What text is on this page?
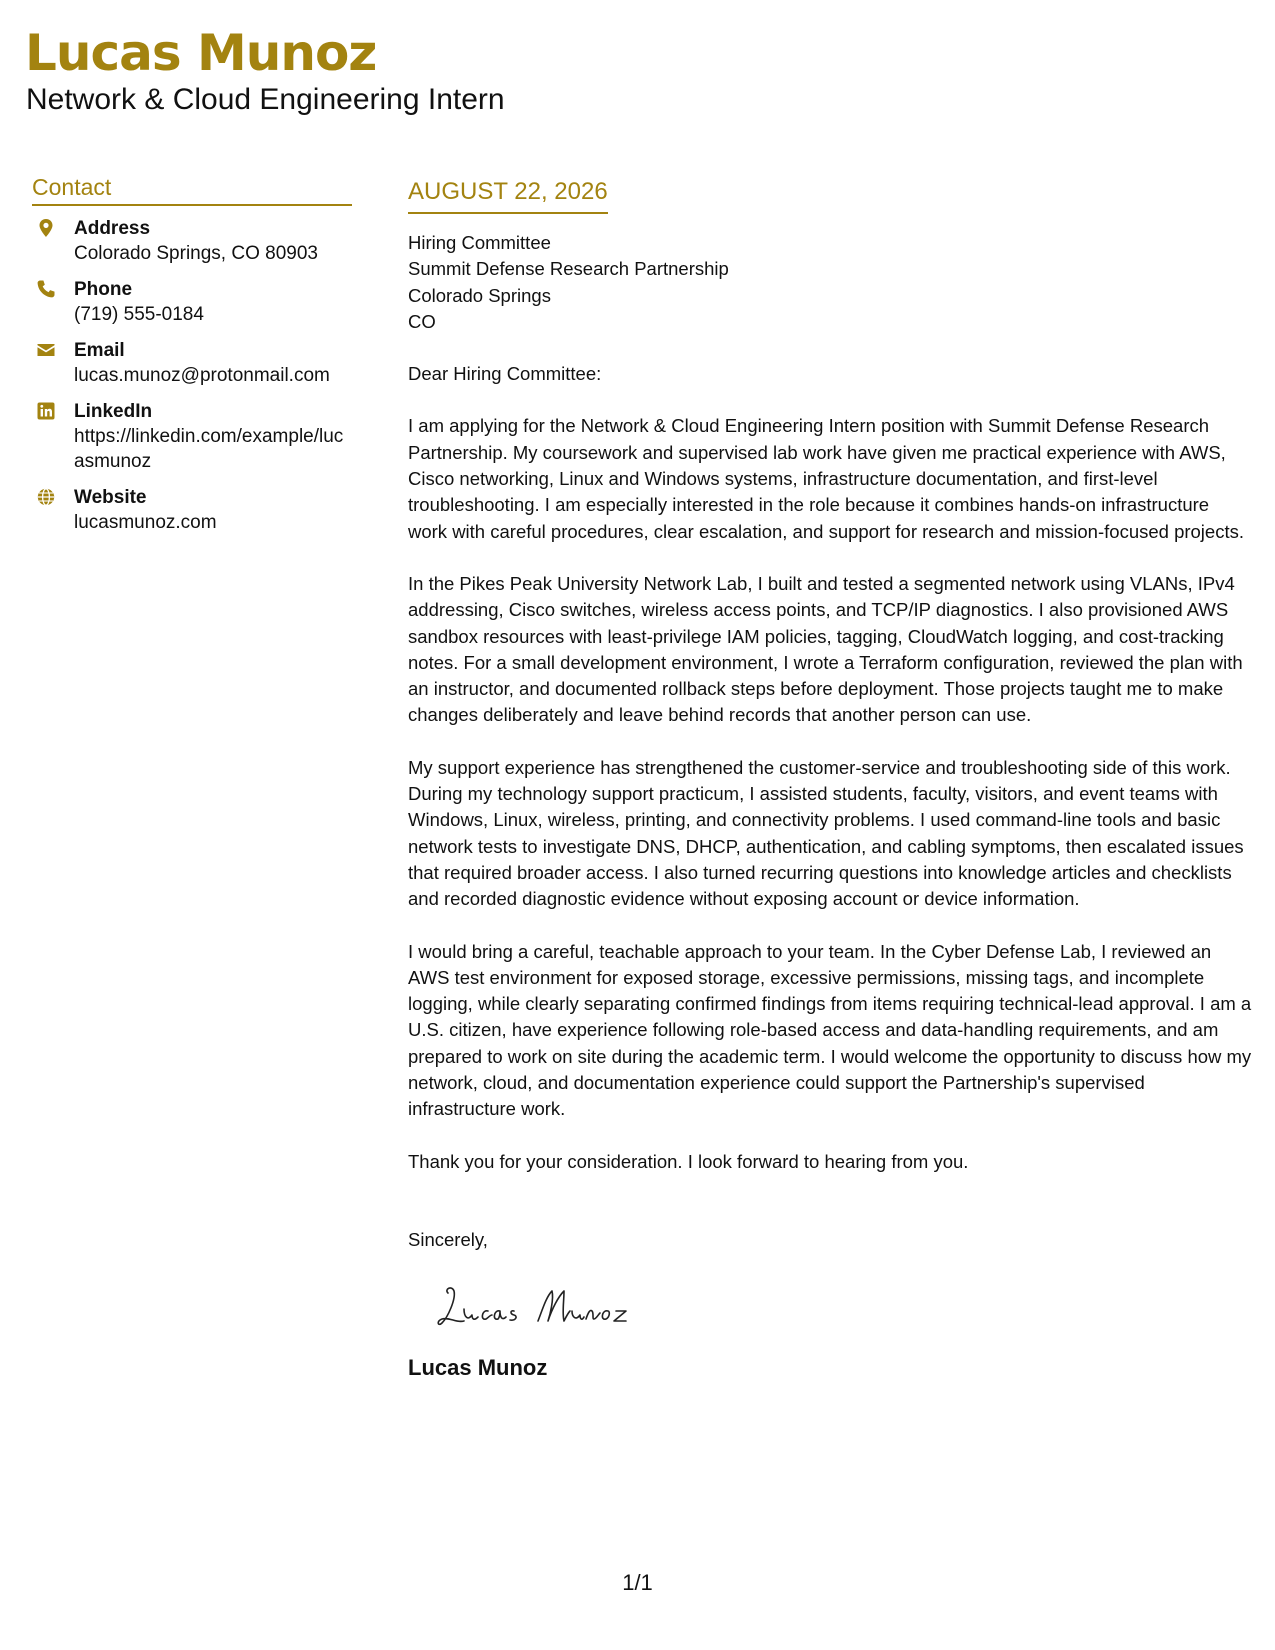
Lucas Munoz
Network & Cloud Engineering Intern
Contact
Address
Colorado Springs, CO 80903
Phone
(719) 555-0184
Email
lucas.munoz@protonmail.com
LinkedIn
https://linkedin.com/example/lucasmunoz
Website
lucasmunoz.com
AUGUST 22, 2026
Hiring Committee
Summit Defense Research Partnership
Colorado Springs
CO
Dear Hiring Committee:

I am applying for the Network & Cloud Engineering Intern position with Summit Defense Research Partnership. My coursework and supervised lab work have given me practical experience with AWS, Cisco networking, Linux and Windows systems, infrastructure documentation, and first-level troubleshooting. I am especially interested in the role because it combines hands-on infrastructure work with careful procedures, clear escalation, and support for research and mission-focused projects.

In the Pikes Peak University Network Lab, I built and tested a segmented network using VLANs, IPv4 addressing, Cisco switches, wireless access points, and TCP/IP diagnostics. I also provisioned AWS sandbox resources with least-privilege IAM policies, tagging, CloudWatch logging, and cost-tracking notes. For a small development environment, I wrote a Terraform configuration, reviewed the plan with an instructor, and documented rollback steps before deployment. Those projects taught me to make changes deliberately and leave behind records that another person can use.

My support experience has strengthened the customer-service and troubleshooting side of this work. During my technology support practicum, I assisted students, faculty, visitors, and event teams with Windows, Linux, wireless, printing, and connectivity problems. I used command-line tools and basic network tests to investigate DNS, DHCP, authentication, and cabling symptoms, then escalated issues that required broader access. I also turned recurring questions into knowledge articles and checklists and recorded diagnostic evidence without exposing account or device information.

I would bring a careful, teachable approach to your team. In the Cyber Defense Lab, I reviewed an AWS test environment for exposed storage, excessive permissions, missing tags, and incomplete logging, while clearly separating confirmed findings from items requiring technical-lead approval. I am a U.S. citizen, have experience following role-based access and data-handling requirements, and am prepared to work on site during the academic term. I would welcome the opportunity to discuss how my network, cloud, and documentation experience could support the Partnership's supervised infrastructure work.

Thank you for your consideration. I look forward to hearing from you.

Sincerely,
Lucas Munoz
1/1
